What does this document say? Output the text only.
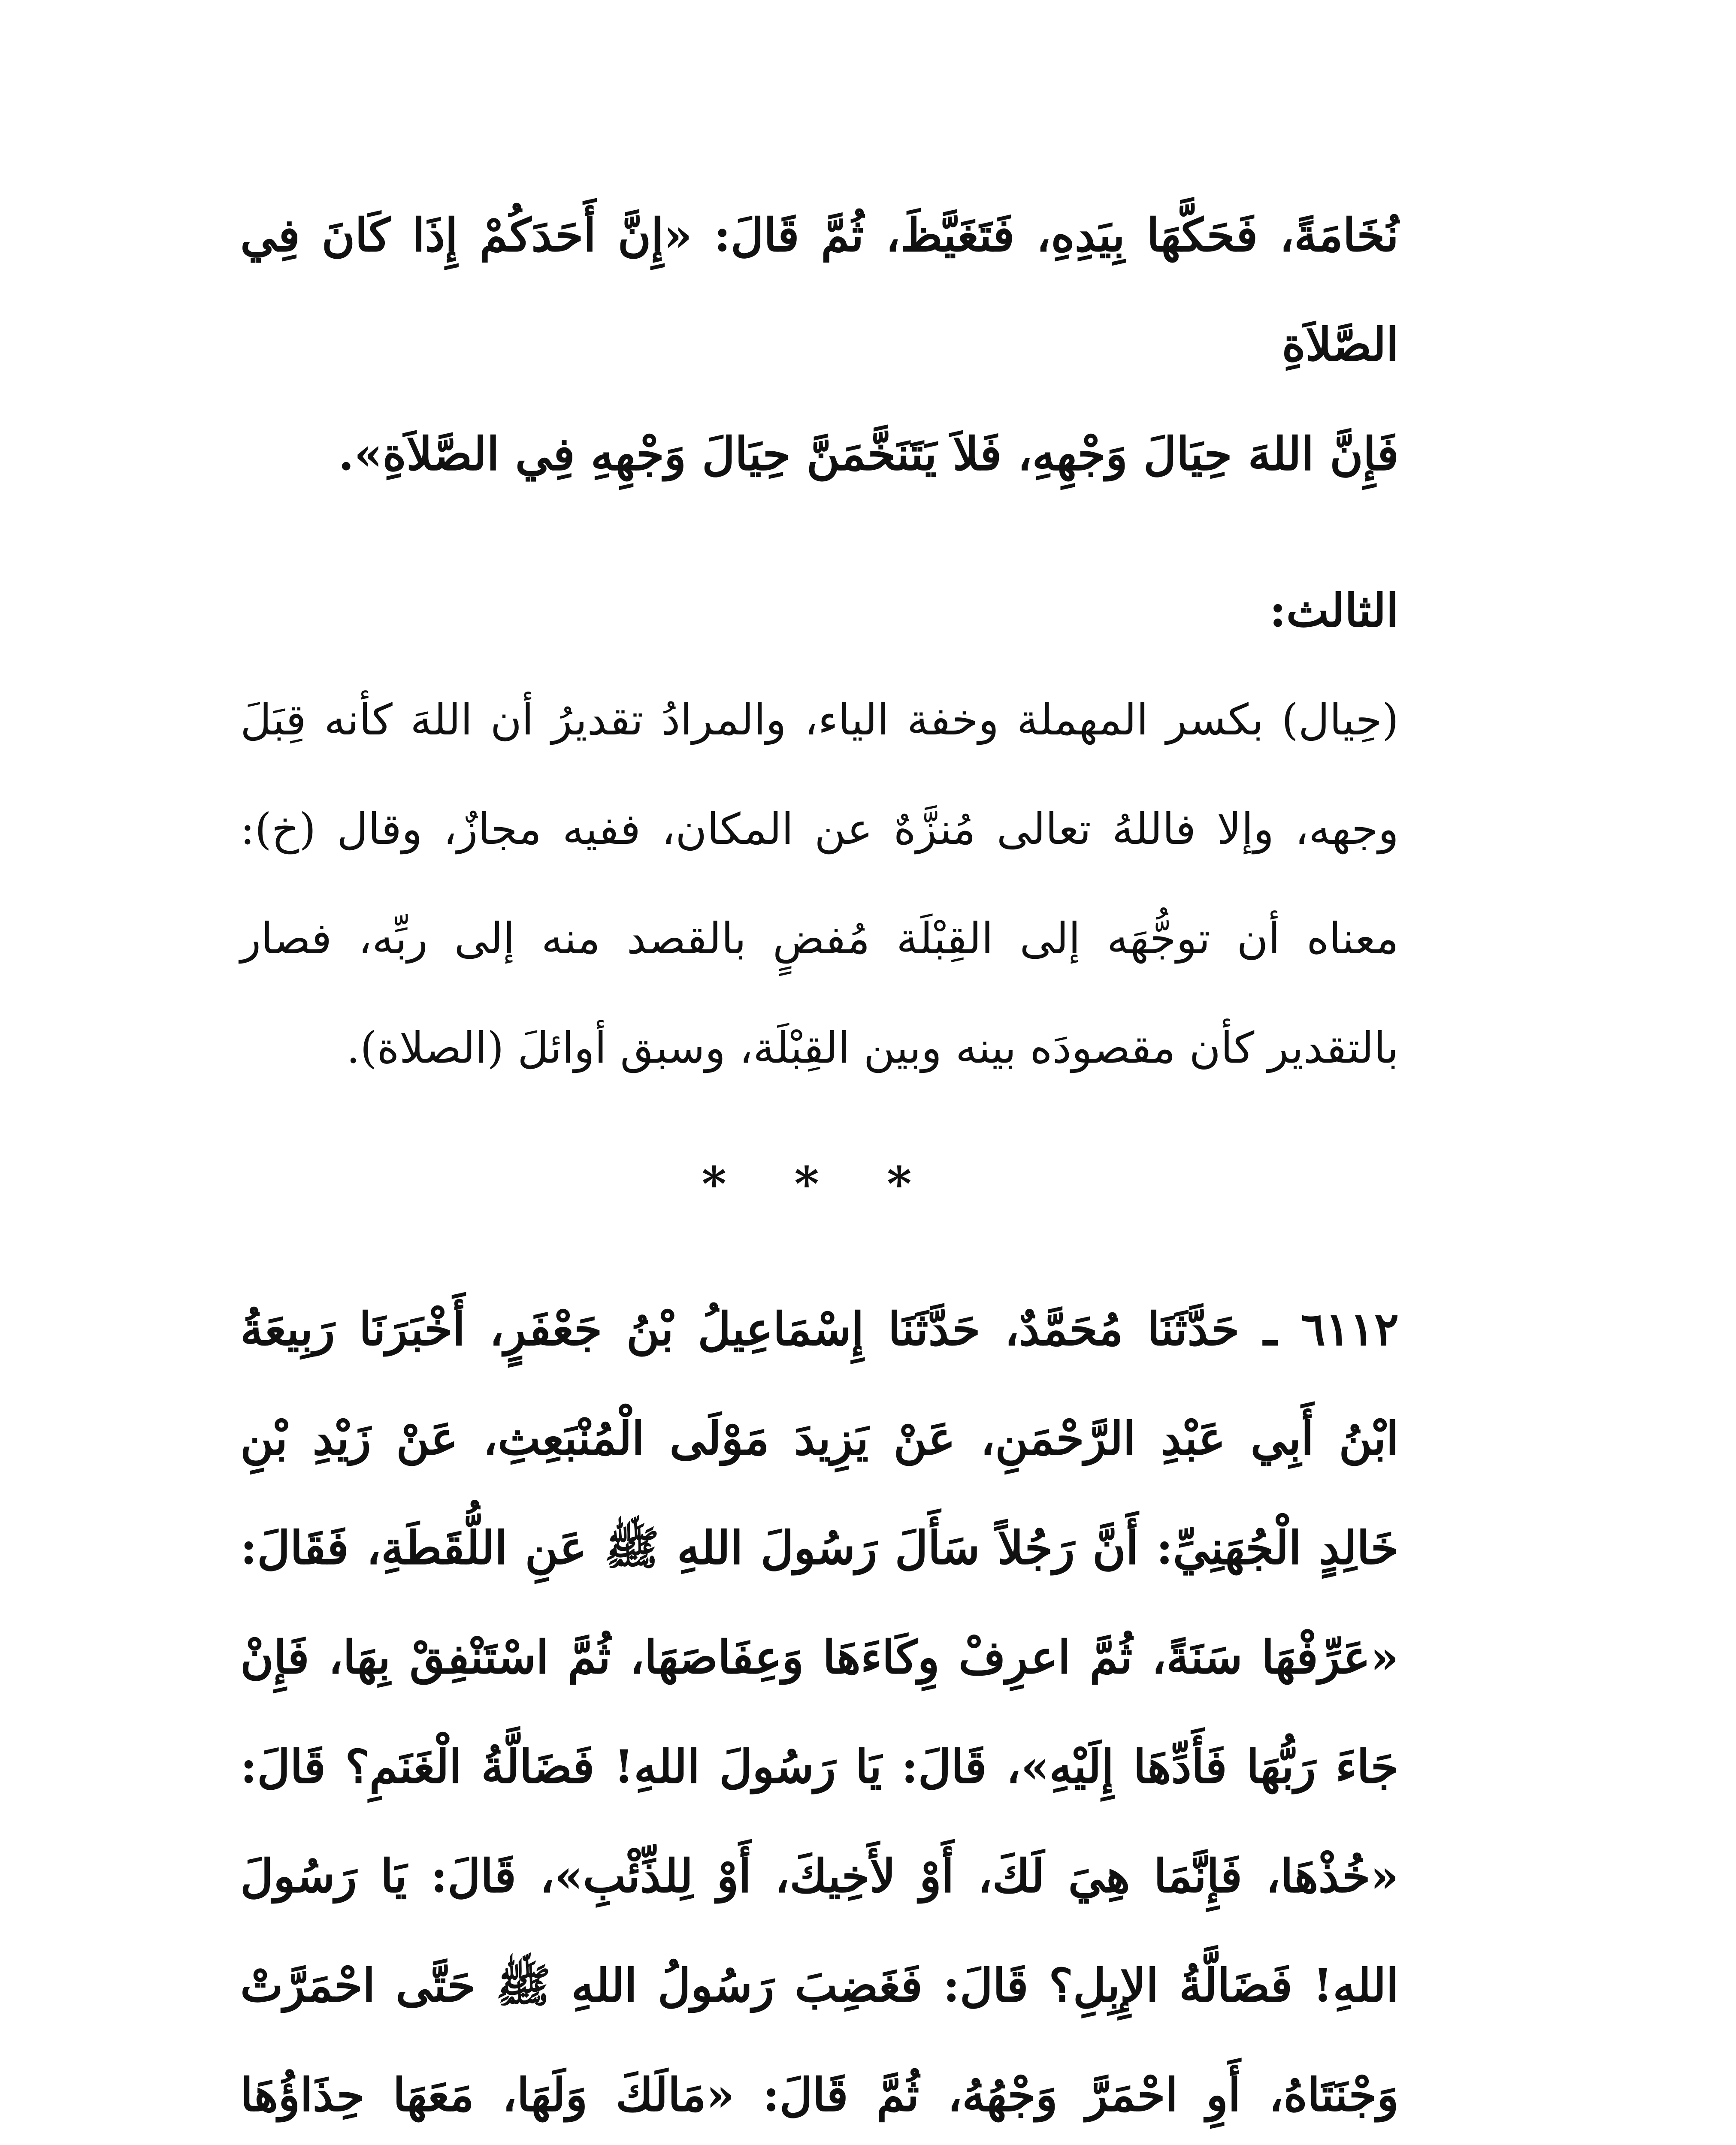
نُخَامَةً، فَحَكَّهَا بِيَدِهِ، فَتَغَيَّظَ، ثُمَّ قَالَ: «إِنَّ أَحَدَكُمْ إِذَا كَانَ فِي الصَّلاَةِ

فَإِنَّ اللهَ حِيَالَ وَجْهِهِ، فَلاَ يَتَنَخَّمَنَّ حِيَالَ وَجْهِهِ فِي الصَّلاَةِ».

الثالث:

(حِيال) بكسر المهملة وخفة الياء، والمرادُ تقديرُ أن اللهَ كأنه قِبَلَ وجهه، وإلا فاللهُ تعالى مُنزَّهٌ عن المكان، ففيه مجازٌ، وقال (خ): معناه أن توجُّهَه إلى القِبْلَة مُفضٍ بالقصد منه إلى ربِّه، فصار بالتقدير كأن مقصودَه بينه وبين القِبْلَة، وسبق أوائلَ (الصلاة).

* * *

٦١١٢ ـ حَدَّثَنَا مُحَمَّدٌ، حَدَّثَنَا إِسْمَاعِيلُ بْنُ جَعْفَرٍ، أَخْبَرَنَا رَبِيعَةُ ابْنُ أَبِي عَبْدِ الرَّحْمَنِ، عَنْ يَزِيدَ مَوْلَى الْمُنْبَعِثِ، عَنْ زَيْدِ بْنِ خَالِدٍ الْجُهَنِيِّ: أَنَّ رَجُلاً سَأَلَ رَسُولَ اللهِ ﷺ عَنِ اللُّقَطَةِ، فَقَالَ: «عَرِّفْهَا سَنَةً، ثُمَّ اعرِفْ وِكَاءَهَا وَعِفَاصَهَا، ثُمَّ اسْتَنْفِقْ بِهَا، فَإِنْ جَاءَ رَبُّهَا فَأَدِّهَا إِلَيْهِ»، قَالَ: يَا رَسُولَ اللهِ! فَضَالَّةُ الْغَنَمِ؟ قَالَ: «خُذْهَا، فَإِنَّمَا هِيَ لَكَ، أَوْ لأَخِيكَ، أَوْ لِلذِّئْبِ»، قَالَ: يَا رَسُولَ اللهِ! فَضَالَّةُ الإِبِلِ؟ قَالَ: فَغَضِبَ رَسُولُ اللهِ ﷺ حَتَّى احْمَرَّتْ وَجْنَتَاهُ، أَوِ احْمَرَّ وَجْهُهُ، ثُمَّ قَالَ: «مَالَكَ وَلَهَا، مَعَهَا حِذَاؤُهَا
